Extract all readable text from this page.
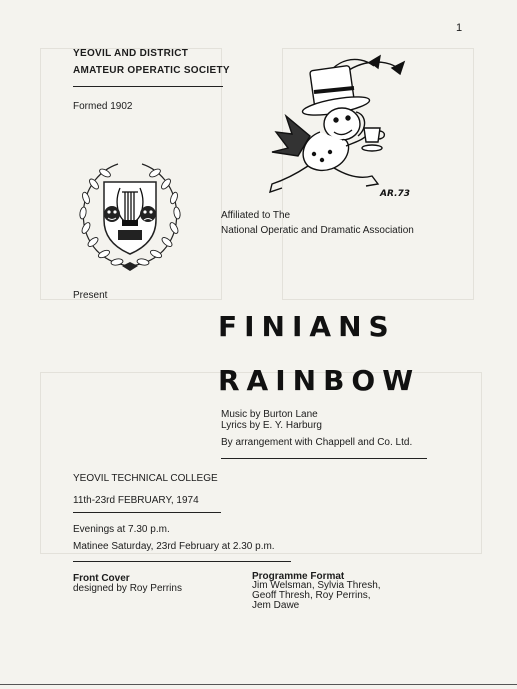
1
YEOVIL AND DISTRICT
AMATEUR OPERATIC SOCIETY
Formed 1902
AR.73
Affiliated to The
National Operatic and Dramatic Association
Present
FINIANS
RAINBOW
Music by Burton Lane
Lyrics by E. Y. Harburg
By arrangement with Chappell and Co. Ltd.
YEOVIL TECHNICAL COLLEGE
11th-23rd FEBRUARY, 1974
Evenings at 7.30 p.m.
Matinee Saturday, 23rd February at 2.30 p.m.
Front Cover
designed by Roy Perrins
Programme Format
Jim Welsman, Sylvia Thresh,
Geoff Thresh, Roy Perrins,
Jem Dawe
